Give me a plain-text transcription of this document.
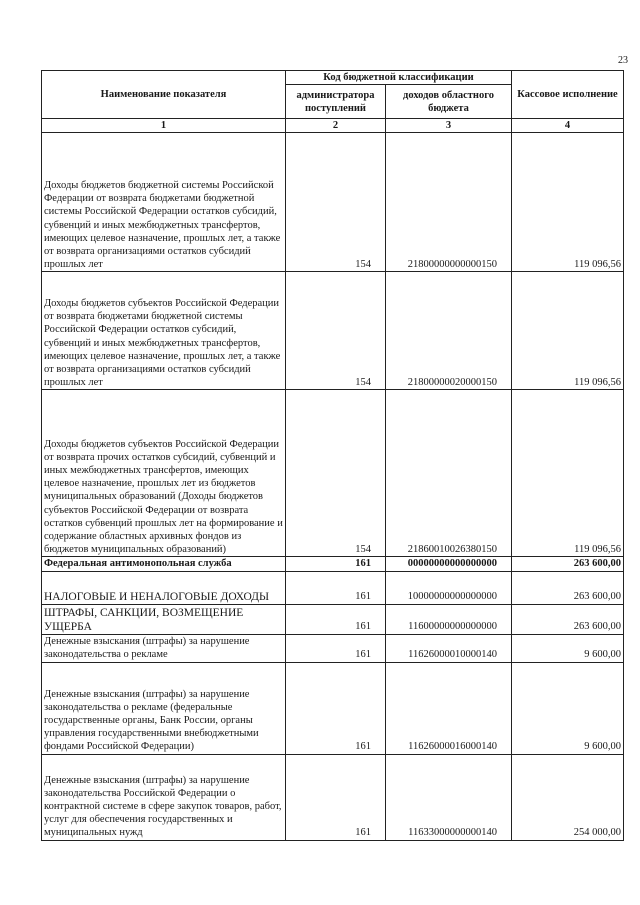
23
Наименование показателя	Код бюджетной классификации		Кассовое исполнение
	администратора поступлений	доходов областного бюджета	
1	2	3	4
Доходы бюджетов бюджетной системы Российской Федерации от возврата бюджетами бюджетной системы Российской Федерации остатков субсидий, субвенций и иных межбюджетных трансфертов, имеющих целевое назначение, прошлых лет, а также от возврата организациями остатков субсидий прошлых лет	154	21800000000000150	119 096,56
Доходы бюджетов субъектов Российской Федерации от возврата бюджетами бюджетной системы Российской Федерации остатков субсидий, субвенций и иных межбюджетных трансфертов, имеющих целевое назначение, прошлых лет, а также от возврата организациями остатков субсидий прошлых лет	154	21800000020000150	119 096,56
Доходы бюджетов субъектов Российской Федерации от возврата прочих остатков субсидий, субвенций и иных межбюджетных трансфертов, имеющих целевое назначение, прошлых лет из бюджетов муниципальных образований (Доходы бюджетов субъектов Российской Федерации от возврата остатков субвенций прошлых лет на формирование и содержание областных архивных фондов из бюджетов муниципальных образований)	154	21860010026380150	119 096,56
Федеральная антимонопольная служба	161	00000000000000000	263 600,00
НАЛОГОВЫЕ И НЕНАЛОГОВЫЕ ДОХОДЫ	161	10000000000000000	263 600,00
ШТРАФЫ, САНКЦИИ, ВОЗМЕЩЕНИЕ УЩЕРБА	161	11600000000000000	263 600,00
Денежные взыскания (штрафы) за нарушение законодательства о рекламе	161	11626000010000140	9 600,00
Денежные взыскания (штрафы) за нарушение законодательства о рекламе (федеральные государственные органы, Банк России, органы управления государственными внебюджетными фондами Российской Федерации)	161	11626000016000140	9 600,00
Денежные взыскания (штрафы) за нарушение законодательства Российской Федерации о контрактной системе в сфере закупок товаров, работ, услуг для обеспечения государственных и муниципальных нужд	161	11633000000000140	254 000,00
